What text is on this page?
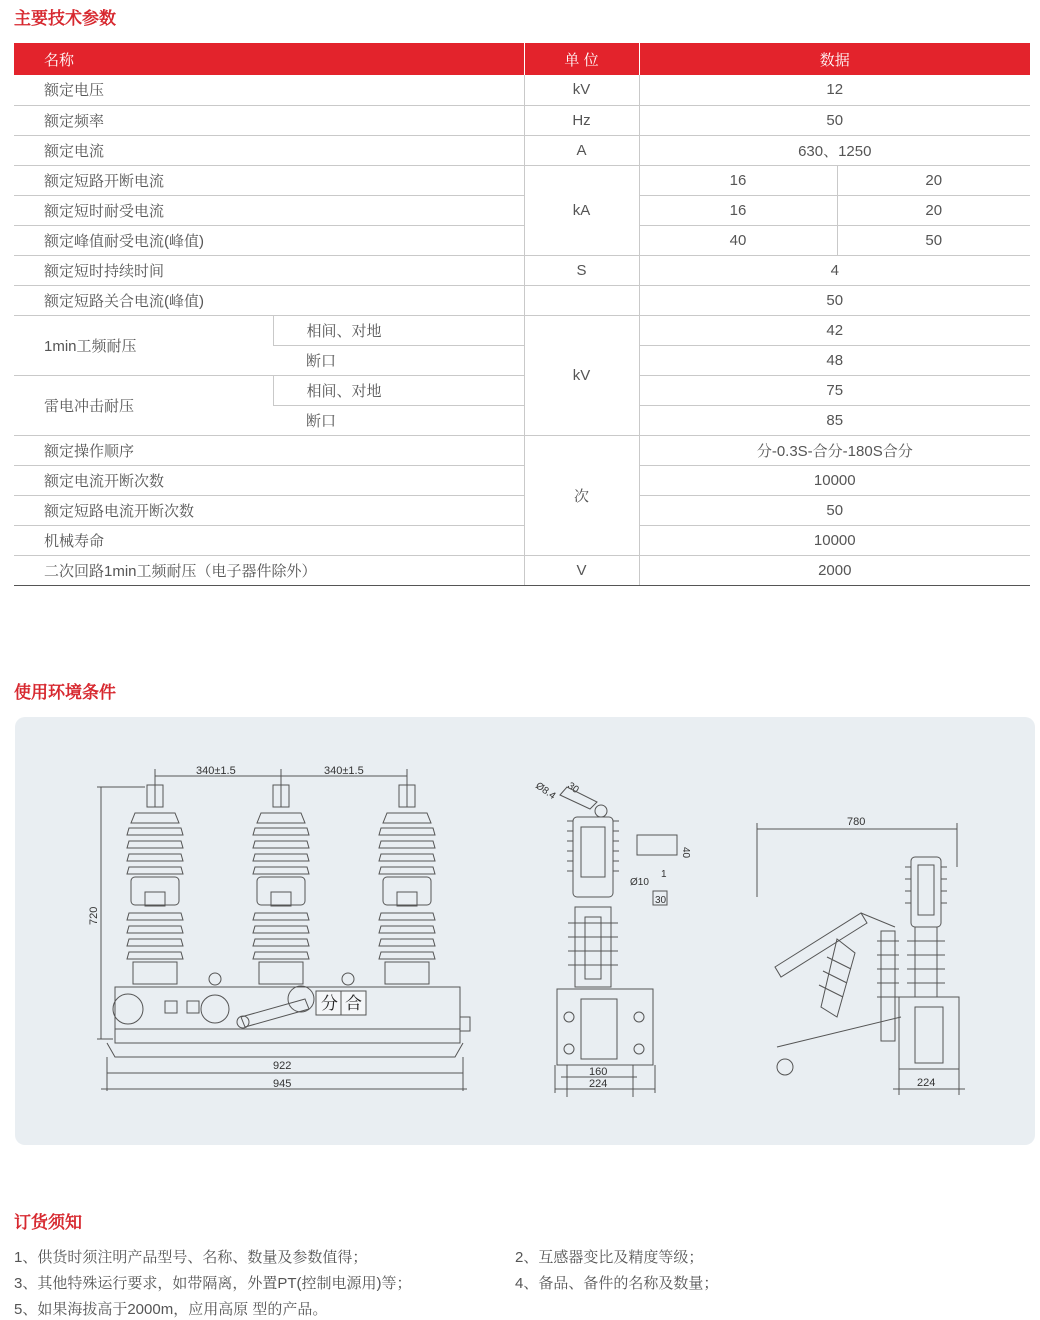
主要技术参数
名称		单 位	数据	
额定电压		kV	12	
额定频率		Hz	50	
额定电流		A	630、1250	
额定短路开断电流		kA	16	20
额定短时耐受电流			16	20
额定峰值耐受电流(峰值)			40	50
额定短时持续时间		S	4	
额定短路关合电流(峰值)			50	
1min工频耐压	相间、对地	kV	42	
	断口		48	
雷电冲击耐压	相间、对地		75	
	断口		85	
额定操作顺序		次	分-0.3S-合分-180S合分	
额定电流开断次数			10000	
额定短路电流开断次数			50	
机械寿命			10000	
二次回路1min工频耐压（电子器件除外）		V	2000	
使用环境条件
340±1.5	340±1.5
分 合
720
922
945
Ø8.4 30
40
Ø10
1
30
160
224
780
224
订货须知

1、供货时须注明产品型号、名称、数量及参数值得；	2、互感器变比及精度等级；

3、其他特殊运行要求，如带隔离，外置PT(控制电源用)等；	4、备品、备件的名称及数量；

5、如果海拔高于2000m，应用高原 型的产品。
